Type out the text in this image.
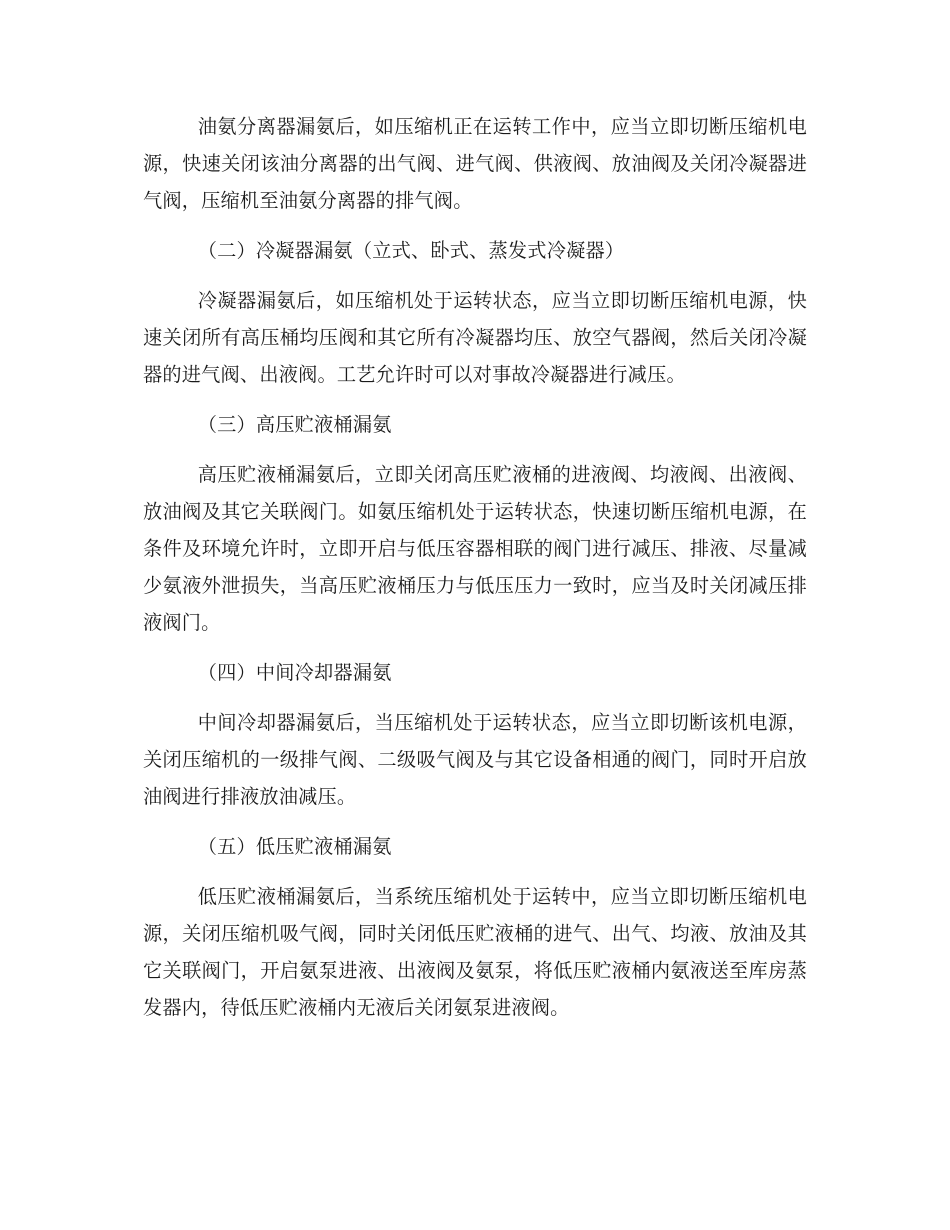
油氨分离器漏氨后，如压缩机正在运转工作中，应当立即切断压缩机电源，快速关闭该油分离器的出气阀、进气阀、供液阀、放油阀及关闭冷凝器进气阀，压缩机至油氨分离器的排气阀。

（二）冷凝器漏氨（立式、卧式、蒸发式冷凝器）

冷凝器漏氨后，如压缩机处于运转状态，应当立即切断压缩机电源，快速关闭所有高压桶均压阀和其它所有冷凝器均压、放空气器阀，然后关闭冷凝器的进气阀、出液阀。工艺允许时可以对事故冷凝器进行减压。

（三）高压贮液桶漏氨

高压贮液桶漏氨后，立即关闭高压贮液桶的进液阀、均液阀、出液阀、放油阀及其它关联阀门。如氨压缩机处于运转状态，快速切断压缩机电源，在条件及环境允许时，立即开启与低压容器相联的阀门进行减压、排液、尽量减少氨液外泄损失，当高压贮液桶压力与低压压力一致时，应当及时关闭减压排液阀门。

（四）中间冷却器漏氨

中间冷却器漏氨后，当压缩机处于运转状态，应当立即切断该机电源，关闭压缩机的一级排气阀、二级吸气阀及与其它设备相通的阀门，同时开启放油阀进行排液放油减压。

（五）低压贮液桶漏氨

低压贮液桶漏氨后，当系统压缩机处于运转中，应当立即切断压缩机电源，关闭压缩机吸气阀，同时关闭低压贮液桶的进气、出气、均液、放油及其它关联阀门，开启氨泵进液、出液阀及氨泵，将低压贮液桶内氨液送至库房蒸发器内，待低压贮液桶内无液后关闭氨泵进液阀。
